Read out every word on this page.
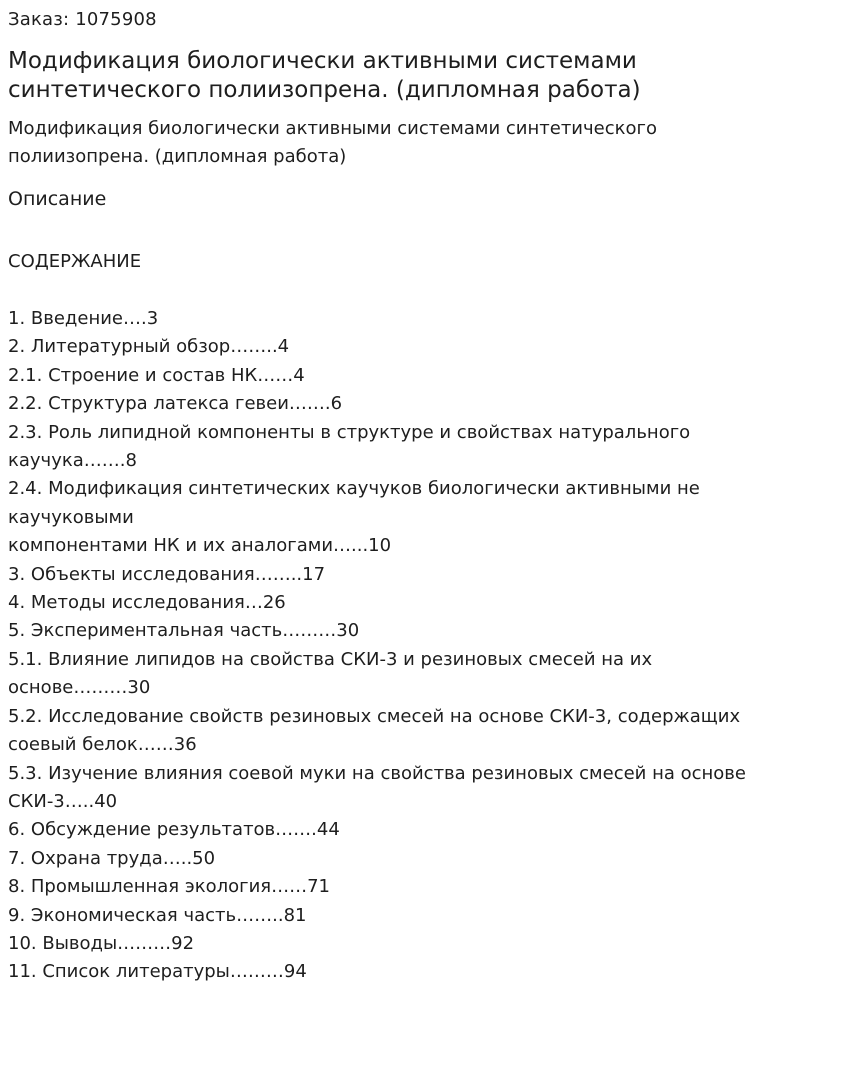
Заказ: 1075908
Модификация биологически активными системами
синтетического полиизопрена. (дипломная работа)
Модификация биологически активными системами синтетического
полиизопрена. (дипломная работа)
Описание
СОДЕРЖАНИЕ
1. Введение….3
2. Литературный обзор……..4
2.1. Строение и состав НК……4
2.2. Структура латекса гевеи…….6
2.3. Роль липидной компоненты в структуре и свойствах натурального
каучука…….8
2.4. Модификация синтетических каучуков биологически активными не
каучуковыми
компонентами НК и их аналогами…...10
3. Объекты исследования……..17
4. Методы исследования…26
5. Экспериментальная часть………30
5.1. Влияние липидов на свойства СКИ-3 и резиновых смесей на их
основе………30
5.2. Исследование свойств резиновых смесей на основе СКИ-3, содержащих
соевый белок……36
5.3. Изучение влияния соевой муки на свойства резиновых смесей на основе
СКИ-3…..40
6. Обсуждение результатов…….44
7. Охрана труда…..50
8. Промышленная экология……71
9. Экономическая часть……..81
10. Выводы………92
11. Список литературы………94
